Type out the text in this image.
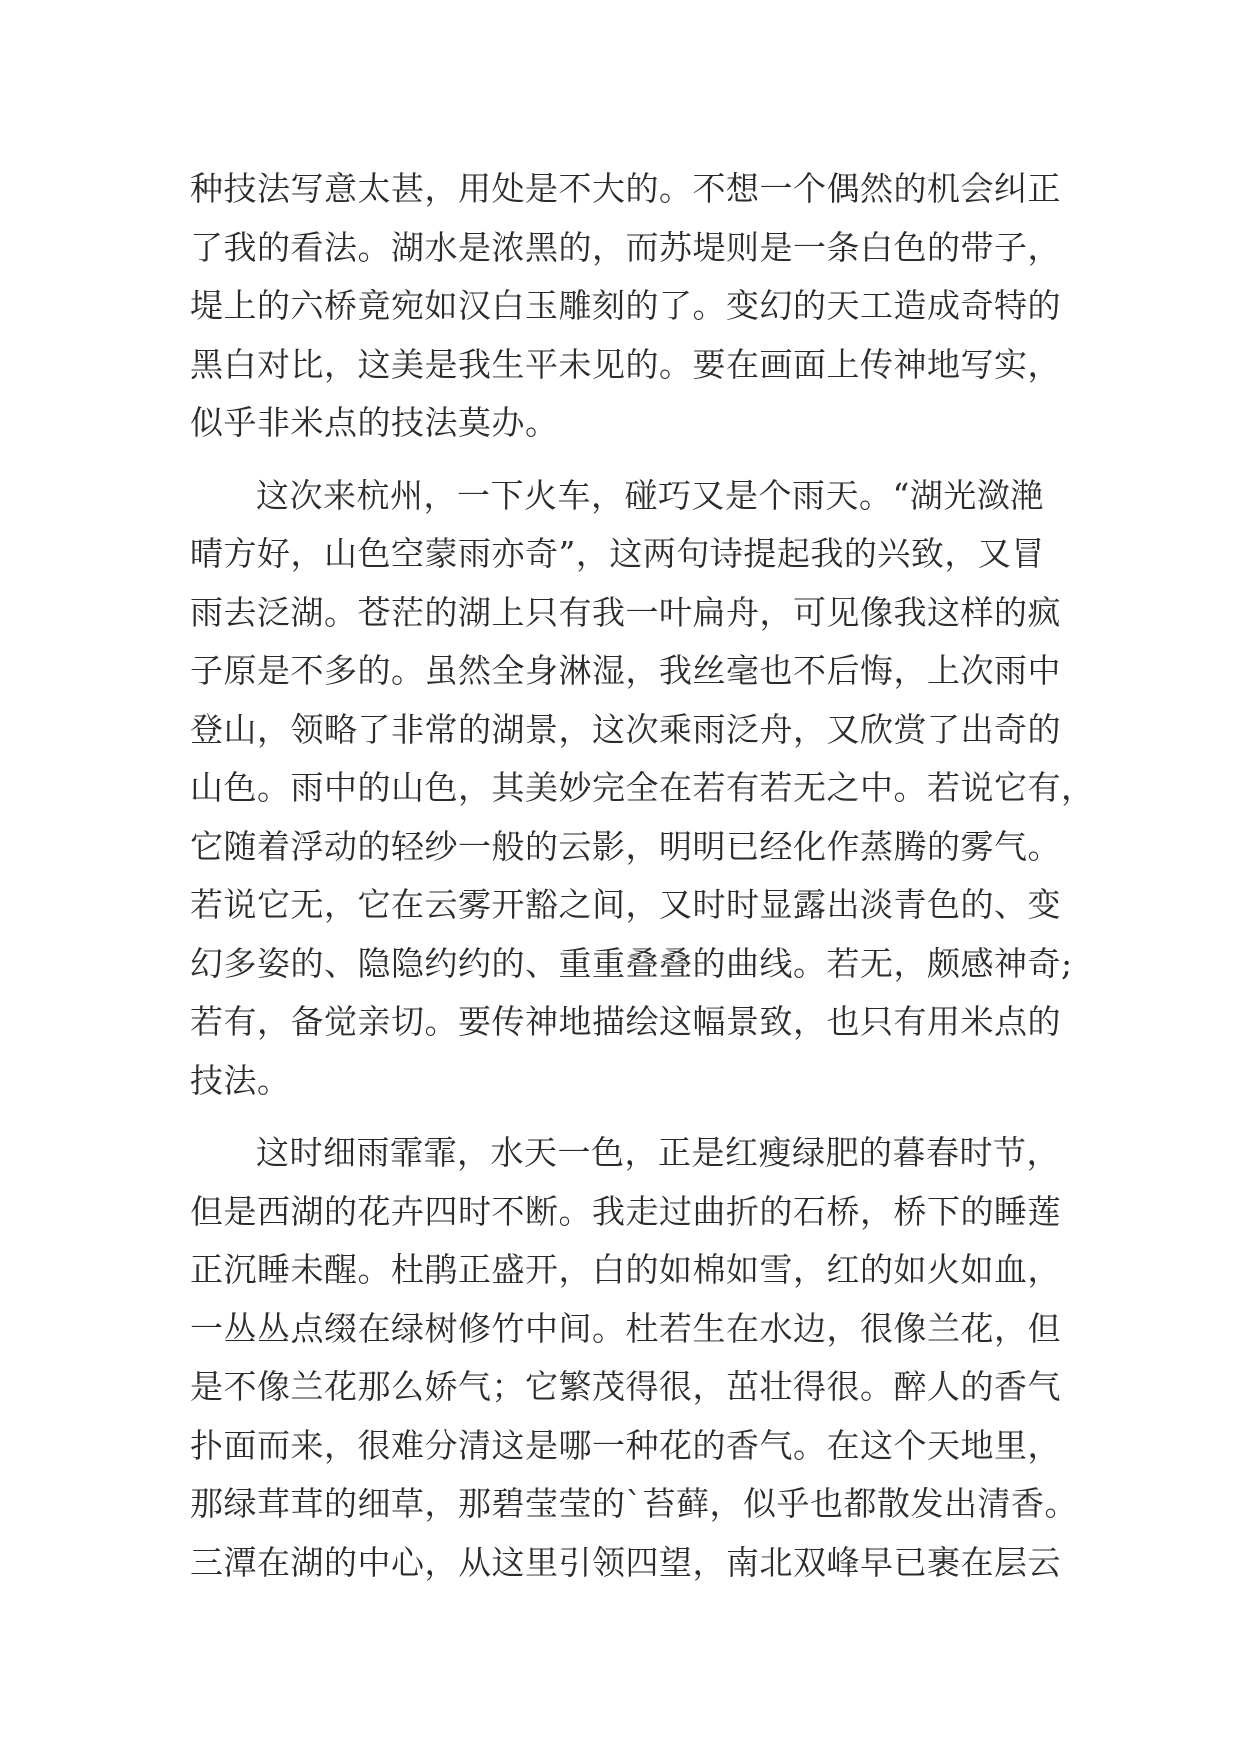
种技法写意太甚，用处是不大的。不想一个偶然的机会纠正
了我的看法。湖水是浓黑的，而苏堤则是一条白色的带子，
堤上的六桥竟宛如汉白玉雕刻的了。变幻的天工造成奇特的
黑白对比，这美是我生平未见的。要在画面上传神地写实，
似乎非米点的技法莫办。
这次来杭州，一下火车，碰巧又是个雨天。“湖光潋滟
晴方好，山色空蒙雨亦奇”，这两句诗提起我的兴致，又冒
雨去泛湖。苍茫的湖上只有我一叶扁舟，可见像我这样的疯
子原是不多的。虽然全身淋湿，我丝毫也不后悔，上次雨中
登山，领略了非常的湖景，这次乘雨泛舟，又欣赏了出奇的
山色。雨中的山色，其美妙完全在若有若无之中。若说它有，
它随着浮动的轻纱一般的云影，明明已经化作蒸腾的雾气。
若说它无，它在云雾开豁之间，又时时显露出淡青色的、变
幻多姿的、隐隐约约的、重重叠叠的曲线。若无，颇感神奇;
若有，备觉亲切。要传神地描绘这幅景致，也只有用米点的
技法。
这时细雨霏霏，水天一色，正是红瘦绿肥的暮春时节，
但是西湖的花卉四时不断。我走过曲折的石桥，桥下的睡莲
正沉睡未醒。杜鹃正盛开，白的如棉如雪，红的如火如血，
一丛丛点缀在绿树修竹中间。杜若生在水边，很像兰花，但
是不像兰花那么娇气；它繁茂得很，茁壮得很。醉人的香气
扑面而来，很难分清这是哪一种花的香气。在这个天地里，
那绿茸茸的细草，那碧莹莹的`苔藓，似乎也都散发出清香。
三潭在湖的中心，从这里引领四望，南北双峰早已裹在层云
